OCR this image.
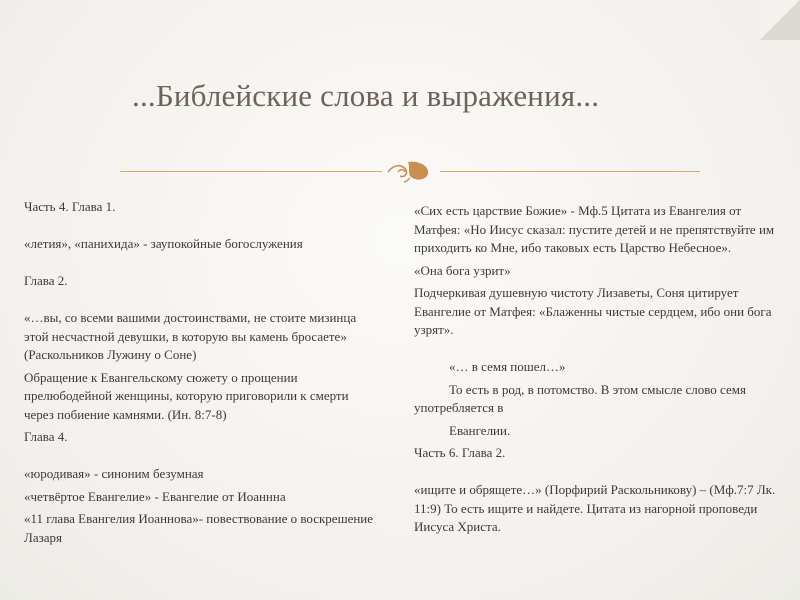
...Библейские слова и выражения...

Часть 4. Глава 1.

«летия», «панихида» - заупокойные богослужения

Глава 2.

«…вы, со всеми вашими достоинствами, не стоите мизинца этой несчастной девушки, в которую вы камень бросаете» (Раскольников Лужину о Соне)

Обращение к Евангельскому сюжету о прощении прелюбодейной женщины, которую приговорили к смерти через побиение камнями. (Ин. 8:7-8)

Глава 4.

«юродивая» - синоним безумная

«четвёртое Евангелие» - Евангелие от Иоаннна

«11 глава Евангелия Иоаннова»- повествование о воскрешение Лазаря

«Сих есть царствие Божие» - Мф.5 Цитата из Евангелия от Матфея: «Но Иисус сказал: пустите детей и не препятствуйте им приходить ко Мне, ибо таковых есть Царство Небесное».

«Она бога узрит»

Подчеркивая душевную чистоту Лизаветы, Соня цитирует Евангелие от Матфея: «Блаженны чистые сердцем, ибо они бога узрят».

«… в семя пошел…»

То есть в род, в потомство. В этом смысле слово семя употребляется в

Евангелии.

Часть 6. Глава 2.

«ищите и обрящете…» (Порфирий Раскольникову) – (Мф.7:7 Лк. 11:9) То есть ищите и найдете. Цитата из нагорной проповеди Иисуса Христа.
